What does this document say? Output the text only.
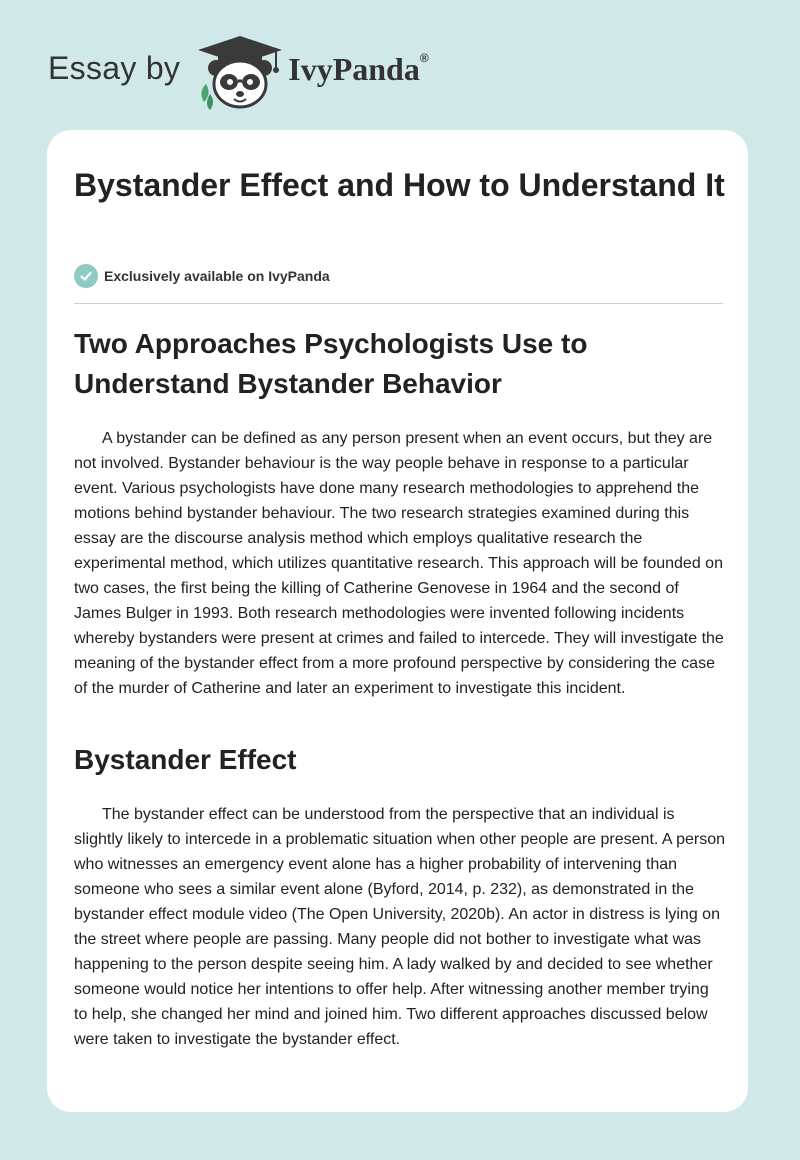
Essay by	IvyPanda®
Bystander Effect and How to Understand It
Exclusively available on IvyPanda
Two Approaches Psychologists Use to Understand Bystander Behavior

A bystander can be defined as any person present when an event occurs, but they are not involved. Bystander behaviour is the way people behave in response to a particular event. Various psychologists have done many research methodologies to apprehend the motions behind bystander behaviour. The two research strategies examined during this essay are the discourse analysis method which employs qualitative research the experimental method, which utilizes quantitative research. This approach will be founded on two cases, the first being the killing of Catherine Genovese in 1964 and the second of James Bulger in 1993. Both research methodologies were invented following incidents whereby bystanders were present at crimes and failed to intercede. They will investigate the meaning of the bystander effect from a more profound perspective by considering the case of the murder of Catherine and later an experiment to investigate this incident.

Bystander Effect

The bystander effect can be understood from the perspective that an individual is slightly likely to intercede in a problematic situation when other people are present. A person who witnesses an emergency event alone has a higher probability of intervening than someone who sees a similar event alone (Byford, 2014, p. 232), as demonstrated in the bystander effect module video (The Open University, 2020b). An actor in distress is lying on the street where people are passing. Many people did not bother to investigate what was happening to the person despite seeing him. A lady walked by and decided to see whether someone would notice her intentions to offer help. After witnessing another member trying to help, she changed her mind and joined him. Two different approaches discussed below were taken to investigate the bystander effect.
